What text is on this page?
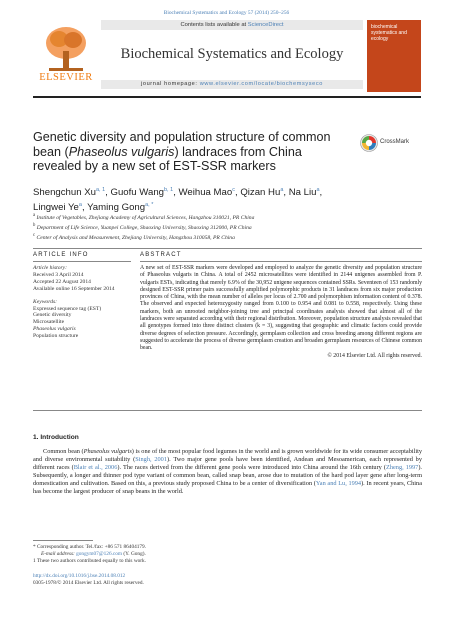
Biochemical Systematics and Ecology 57 (2014) 250–256
ELSEVIER
Contents lists available at ScienceDirect
Biochemical Systematics and Ecology
journal homepage: www.elsevier.com/locate/biochemsyseco
biochemical systematics and ecology
Genetic diversity and population structure of common bean (Phaseolus vulgaris) landraces from China revealed by a new set of EST-SSR markers
CrossMark
Shengchun Xu$^{a, 1}$, Guofu Wang$^{b, 1}$, Weihua Mao$^c$, Qizan Hu$^a$, Na Liu$^a$,
Lingwei Ye$^a$, Yaming Gong$^{a, *}$
$^a$ Institute of Vegetables, Zhejiang Academy of Agricultural Sciences, Hangzhou 310021, PR China
$^b$ Department of Life Science, Yuanpei College, Shaoxing University, Shaoxing 312000, PR China
$^c$ Center of Analysis and Measurement, Zhejiang University, Hangzhou 310058, PR China
ARTICLE INFO	ABSTRACT
Article history:
Received 3 April 2014
Accepted 22 August 2014
Available online 16 September 2014
Keywords:
Expressed sequence tag (EST)
Genetic diversity
Microsatellite
Phaseolus vulgaris
Population structure
A new set of EST-SSR markers were developed and employed to analyze the genetic diversity and population structure of Phaseolus vulgaris in China. A total of 2452 microsatellites were identified in 2144 unigenes assembled from P. vulgaris ESTs, indicating that merely 6.9% of the 30,952 unigene sequences contained SSRs. Seventeen of 153 randomly designed EST-SSR primer pairs successfully amplified polymorphic products in 31 landraces from six major production provinces of China, with the mean number of alleles per locus of 2.700 and polymorphism information content of 0.378. The observed and expected heterozygosity ranged from 0.100 to 0.954 and 0.081 to 0.558, respectively. Using these markers, both an unrooted neighbor-joining tree and principal coordinates analysis showed that almost all of the landraces were separated according with their regional distribution. Moreover, population structure analysis revealed that all genotypes formed into three distinct clusters (k = 3), suggesting that geographic and climatic factors could provide diverse degrees of selection pressure. Accordingly, germplasm collection and cross breeding among different regions are suggested to accelerate the process of diverse germplasm creation and broaden germplasm resources of Chinese common bean.
© 2014 Elsevier Ltd. All rights reserved.
1. Introduction
Common bean (Phaseolus vulgaris) is one of the most popular food legumes in the world and is grown worldwide for its wide consumer acceptability and diverse environmental suitability (Singh, 2001). Two major gene pools have been identified, Andean and Mesoamerican, each represented by different races (Blair et al., 2006). The races derived from the different gene pools were introduced into China around the 16th century (Zheng, 1997). Subsequently, a longer and thinner pod type variant of common bean, called snap bean, arose due to mutation of the hard pod layer gene after long-term domestication and cultivation. Based on this, a previous study proposed China to be a center of diversification (Yan and Lu, 1994). In recent years, China has become the largest producer of snap beans in the world.
* Corresponding author. Tel./fax: +86 571 86404179.
E-mail address: gongym07@126.com (Y. Gong).
1 These two authors contributed equally to this work.
http://dx.doi.org/10.1016/j.bse.2014.08.012
0305-1978/© 2014 Elsevier Ltd. All rights reserved.
